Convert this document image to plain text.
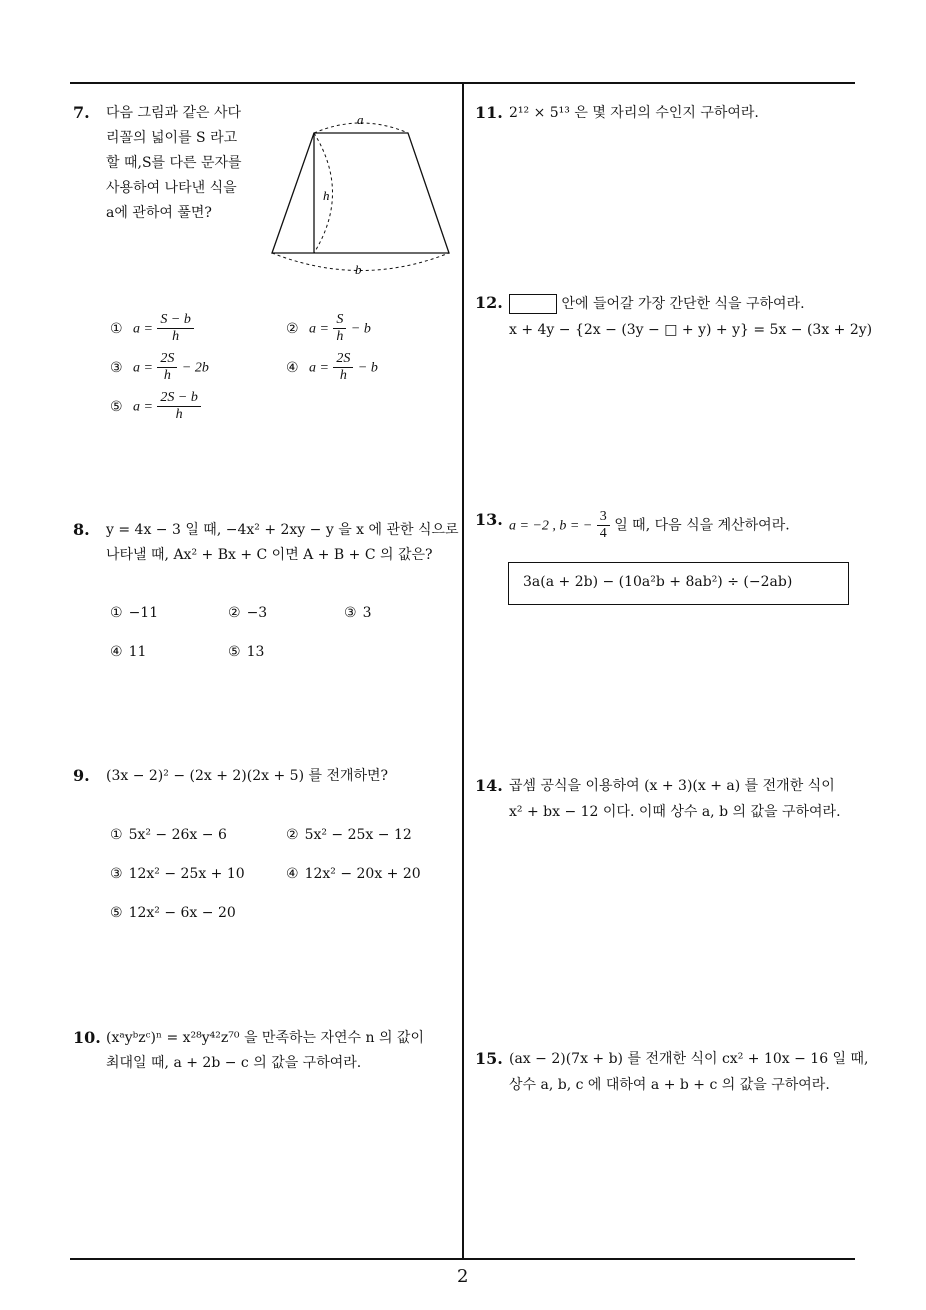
7. 다음 그림과 같은 사다
리꼴의 넓이를 S 라고
할 때,S를 다른 문자를
사용하여 나타낸 식을
a에 관하여 풀면?
a
h
b
① $a = \frac{S - b}{h}$	② $a = \frac{S}{h} - b$
③ $a = \frac{2S}{h} - 2b$	④ $a = \frac{2S}{h} - b$
⑤ $a = \frac{2S - b}{h}$
8. y = 4x − 3 일 때, −4x² + 2xy − y 을 x 에 관한 식으로
나타낼 때, Ax² + Bx + C 이면 A + B + C 의 값은?
① −11	② −3	③ 3
④ 11	⑤ 13
9. (3x − 2)² − (2x + 2)(2x + 5) 를 전개하면?
① 5x² − 26x − 6	② 5x² − 25x − 12
③ 12x² − 25x + 10	④ 12x² − 20x + 20
⑤ 12x² − 6x − 20
10. (xᵃyᵇzᶜ)ⁿ = x²⁸y⁴²z⁷⁰ 을 만족하는 자연수 n 의 값이
최대일 때, a + 2b − c 의 값을 구하여라.
11. 2¹² × 5¹³ 은 몇 자리의 수인지 구하여라.
12.	안에 들어갈 가장 간단한 식을 구하여라.
x + 4y − {2x − (3y − □ + y) + y} = 5x − (3x + 2y)
13. a = −2 , b = − $\frac{3}{4}$ 일 때, 다음 식을 계산하여라.
3a(a + 2b) − (10a²b + 8ab²) ÷ (−2ab)
14. 곱셈 공식을 이용하여 (x + 3)(x + a) 를 전개한 식이
x² + bx − 12 이다. 이때 상수 a, b 의 값을 구하여라.
15. (ax − 2)(7x + b) 를 전개한 식이 cx² + 10x − 16 일 때,
상수 a, b, c 에 대하여 a + b + c 의 값을 구하여라.
2
